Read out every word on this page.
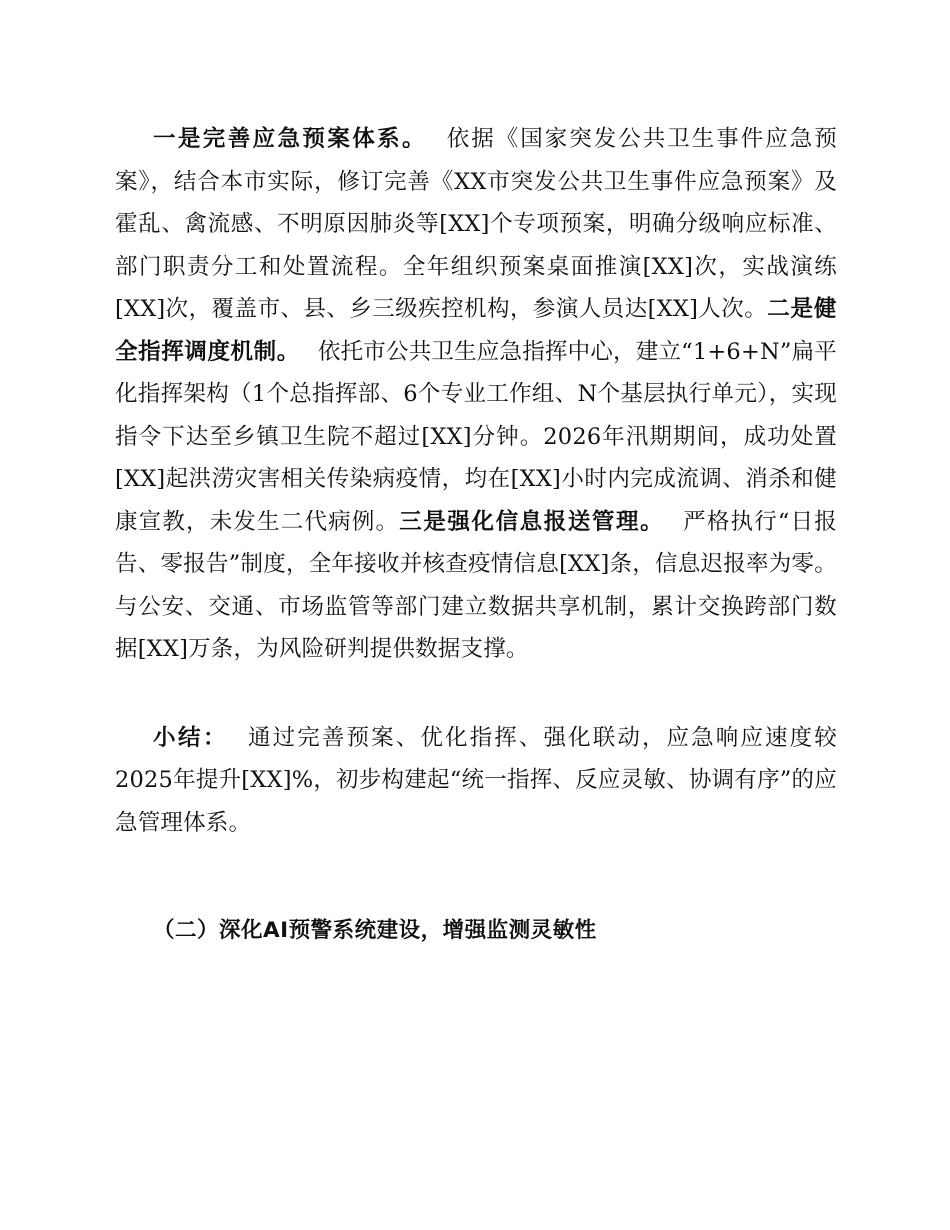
一是完善应急预案体系。 依据《国家突发公共卫生事件应急预案》，结合本市实际，修订完善《XX市突发公共卫生事件应急预案》及霍乱、禽流感、不明原因肺炎等[XX]个专项预案，明确分级响应标准、部门职责分工和处置流程。全年组织预案桌面推演[XX]次，实战演练[XX]次，覆盖市、县、乡三级疾控机构，参演人员达[XX]人次。二是健全指挥调度机制。 依托市公共卫生应急指挥中心，建立“1+6+N”扁平化指挥架构（1个总指挥部、6个专业工作组、N个基层执行单元），实现指令下达至乡镇卫生院不超过[XX]分钟。2026年汛期期间，成功处置[XX]起洪涝灾害相关传染病疫情，均在[XX]小时内完成流调、消杀和健康宣教，未发生二代病例。三是强化信息报送管理。 严格执行“日报告、零报告”制度，全年接收并核查疫情信息[XX]条，信息迟报率为零。与公安、交通、市场监管等部门建立数据共享机制，累计交换跨部门数据[XX]万条，为风险研判提供数据支撑。

小结： 通过完善预案、优化指挥、强化联动，应急响应速度较2025年提升[XX]%，初步构建起“统一指挥、反应灵敏、协调有序”的应急管理体系。

（二）深化AI预警系统建设，增强监测灵敏性
